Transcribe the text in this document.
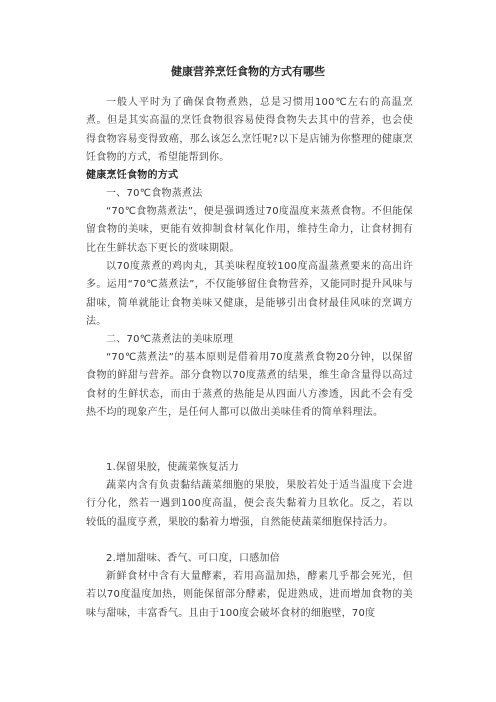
健康营养烹饪食物的方式有哪些

一般人平时为了确保食物煮熟，总是习惯用100℃左右的高温烹煮。但是其实高温的烹饪食物很容易使得食物失去其中的营养，也会使得食物容易变得致癌，那么该怎么烹饪呢?以下是店铺为你整理的健康烹饪食物的方式，希望能帮到你。

健康烹饪食物的方式
一、70℃食物蒸煮法

“70℃食物蒸煮法”，便是强调透过70度温度来蒸煮食物。不但能保留食物的美味，更能有效抑制食材氧化作用，维持生命力，让食材拥有比在生鲜状态下更长的赏味期限。

以70度蒸煮的鸡肉丸，其美味程度较100度高温蒸煮要来的高出许多。运用“70℃蒸煮法”，不仅能够留住食物营养，又能同时提升风味与甜味，简单就能让食物美味又健康，是能够引出食材最佳风味的烹调方法。

二、70℃蒸煮法的美味原理

“70℃蒸煮法”的基本原则是借着用70度蒸煮食物20分钟，以保留食物的鲜甜与营养。部分食物以70度蒸煮的结果，维生命含量得以高过食材的生鲜状态，而由于蒸煮的热能是从四面八方渗透，因此不会有受热不均的现象产生，是任何人都可以做出美味佳肴的简单料理法。

1.保留果胶，使蔬菜恢复活力

蔬菜内含有负责黏结蔬菜细胞的果胶，果胶若处于适当温度下会进行分化，然若一遇到100度高温，便会丧失黏着力且软化。反之，若以较低的温度亨煮，果胶的黏着力增强，自然能使蔬菜细胞保持活力。

2.增加甜味、香气、可口度，口感加倍

新鲜食材中含有大量酵素，若用高温加热，酵素几乎都会死光，但若以70度温度加热，则能保留部分酵素，促进熟成，进而增加食物的美味与甜味，丰富香气。且由于100度会破坏食材的细胞壁，70度
